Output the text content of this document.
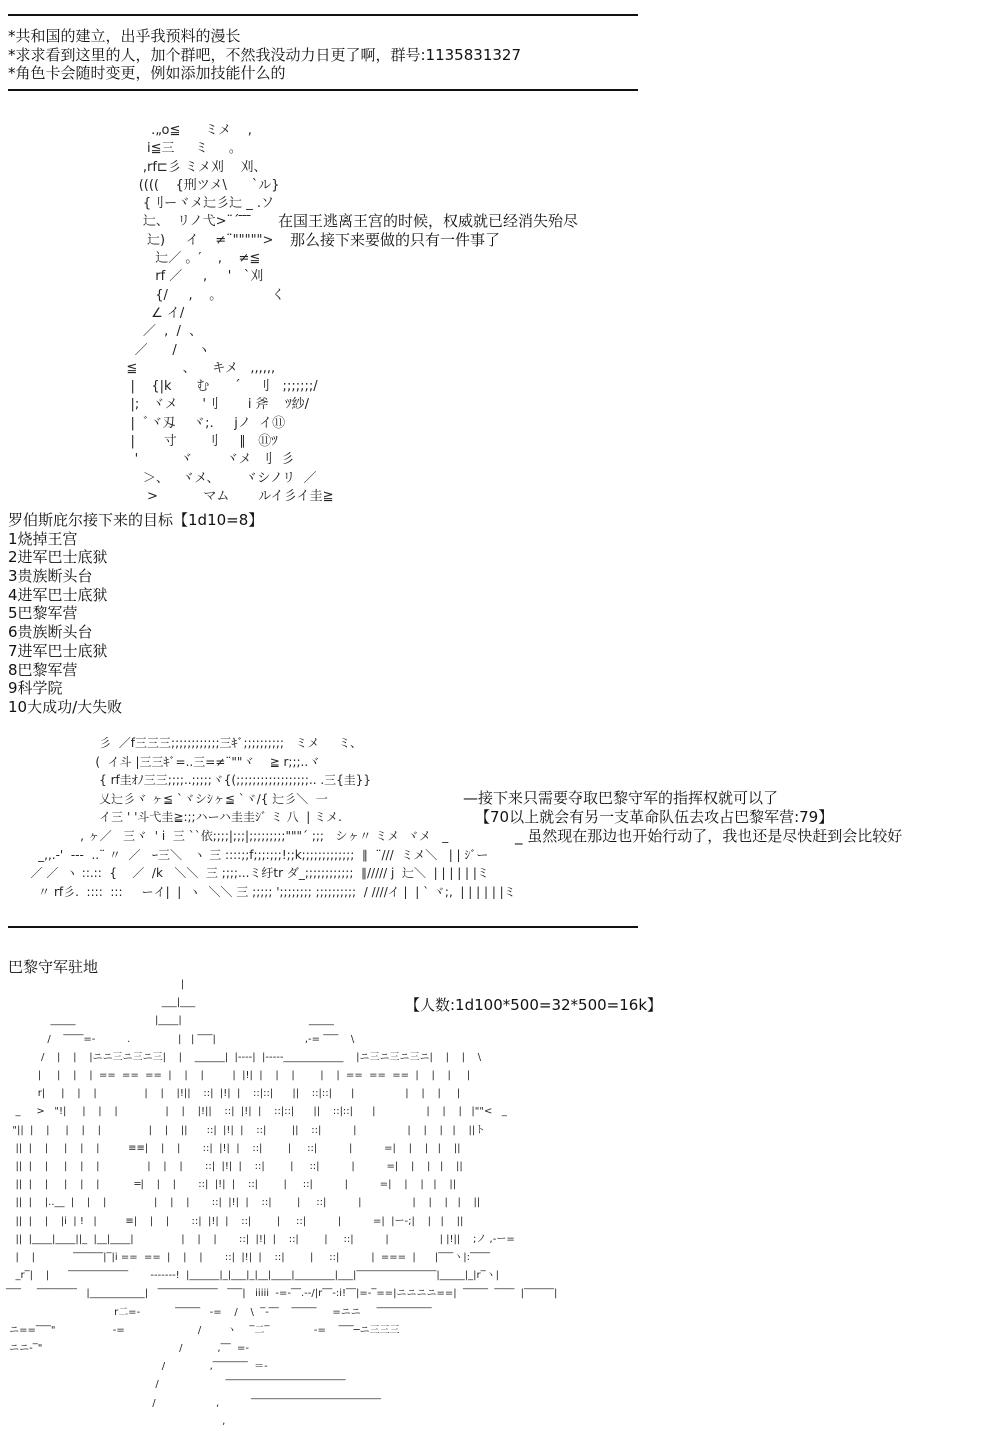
*共和国的建立，出乎我预料的漫长
*求求看到这里的人，加个群吧，不然我没动力日更了啊，群号:1135831327
*角色卡会随时变更，例如添加技能什么的
.„o≦      ミメ    ,
i≦三     ミ     。
,rf⊏彡 ミメ刈    刈、
((((    {刑ツメ\      `ル}
{刂ーヾメ辷彡辷 _ .ソ
辷、  リノ弋>¨´ ̄ ̄ ̄
辷)     イ    ≠¨""""">
辷／ 。′    ,    ≠≦
rf ／     ,     '   `刈
{/     ,    。            く
∠ イ/
／  ,  /  、
／      /     ヽ
≦           、    キメ   ,,,,,,
|    {|k      む      ´    刂   ;;;;;;;/
|;   ヾメ      '刂       i 斧    ﾂ紗/
|  ﾞヾ刄    ヾ;.     jノ  イ⑪
|       寸       刂     ∥   ⑪ﾂ
'          ヾ        ヾメ  刂  彡
＞、   ヾメ、      ヾシノリ  ／
>           マム       ルイ彡イ圭≧
在国王逃离王宫的时候，权威就已经消失殆尽
那么接下来要做的只有一件事了
罗伯斯庇尔接下来的目标【1d10=8】
1烧掉王宫
2进军巴士底狱
3贵族断头台
4进军巴士底狱
5巴黎军营
6贵族断头台
7进军巴士底狱
8巴黎军营
9科学院
10大成功/大失败
彡  ／f三三三;;;;;;;;;;;;三ｷﾞ;;;;;;;;;;   ミメ     ミ、
(  イ斗 |三三ｷﾞ=..三=≠¨""ヾ    ≧ r;;;..ヾ
{ rf圭ｵﾉ三三;;;;..;;;;;ヾ{(;;;;;;;;;;;;;;;;;;.. .三{圭}}
乂辷彡ヾ ヶ≦ `ヾシｼヶ≦ `ヾ/{ 辷彡＼  一
イ三 ' '斗弋圭≧:;;ハーハ圭圭ｼﾞ ミ 八  | ミメ.
, ヶ／   三ヾ  ' i  三 ``依;;;;|;;;|;;;;;;;;;"""´ ;;;   シヶ〃 ミメ  ヾメ   _
_,,.-'  ---  ..¨ 〃  ／   ｰ三＼   ヽ 三 ::::;;f;;;:;;;!;;k;;;;;;;;;;;;;  ∥  ¨///  ミメ＼   | | ｼﾞー
／ ／  ヽ ::.::  {    ／  /k   ＼＼  三 ;;;;...ミ纡tr ダ_;;;;;;;;;;;;  ∥///// j  辷＼  | | | | | |ミ
〃 rf彡.  ::::  :::     ーイ|  |  ヽ  ＼＼ 三 ;;;;; ';;;;;;;; ;;;;;;;;;;  / ////イ |  | ` ヾ;,  | | | | | |ミ
—接下来只需要夺取巴黎守军的指挥权就可以了
【70以上就会有另一支革命队伍去攻占巴黎军营:79】
_ 虽然现在那边也开始行动了，我也还是尽快赶到会比较好
巴黎守军驻地
【人数:1d100*500=32*500=16k】
|
___|___
_____                         |____|                                        _____
/    ‾‾‾‾=-          .               |   | ‾‾‾|                            ,-= ‾‾‾    \
/    |    |    |ニニ三ニ三ニ三|    |    ______|  |----|  |-----____________    |ニ三ニ三ニ三ニ|    |    |    \
|     |    |    |  ==  ==  ==  |    |    |         |  |!|  |    |    |        |    |  ==  ==  ==  |    |    |     |
r|     |    |    |               |    |    |!||    ::|  |!|  |    ::|::|      ||    ::|::|      |                |    |    |     |
_     >   "!|     |    |    |               |    |    |!||    ::|  |!|  |    ::|::|      ||    ::|::|      |                |    |    |   |""<   _
"||  |    |     |    |    |               |    |    ||      ::|  |!|  |    ::|        ||    ::|          |                |    |    |   |    ||ト
||  |    |     |    |    |         ≡≡|    |    |       ::|  |!|  |    ::|        |     ::|          |          =|    |    |   |    ||
||  |    |     |    |    |               |    |    |       ::|  |!|  |    ::|        |     ::|          |          =|    |    |   |    ||
||  |    |     |    |    |           ═|    |    |       ::|  |!|  |    ::|        |     ::|          |          =|    |    |   |    ||
||  |    |..__  |    |    |               |    |    |       ::|  |!|  |    ::|        |     ::|          |                |    |    |   |    ||
||  |    |    |i  | !   |         ≡|    |    |       ::|  |!|  |    ::|        |     ::|          |          =|  |ー-;|    |   |    ||
||  |____|____||_  |__|____|               |    |    |       ::|  |!|  |    ::|        |     ::|          |                | |!||    ;ノ ,-ー=
|    |            ‾‾‾‾‾‾|‾|i ==  ==  |    |    |       ::|  |!|  |    ::|        |     ::|          |  ===  |      |‾‾‾ヽ|:‾‾‾‾
_r‾|    |      ‾‾‾‾‾‾‾‾‾‾‾‾       -------!  |______|_|___|_|__|____|________|___|‾‾‾‾‾‾‾‾‾‾‾‾‾‾‾‾|_____|_|r‾ヽ|
‾‾‾     ‾‾‾‾‾‾‾‾   |___________|   ‾‾‾‾‾‾‾‾‾‾‾‾   ‾‾‾|   iiiii  -=-‾‾.--/|r‾‾-:i!‾‾|=-‾==|ニニニニ==|  ‾‾‾‾‾  ‾‾‾‾  |‾‾‾‾‾‾|
r二=-           ‾‾‾‾‾   -=    /    \  ‾-‾‾    ‾‾‾‾‾     =ニニ     ‾‾‾‾‾‾‾‾‾‾‾
ニ==‾‾‾"                  -=                       /        ヽ    ‾二‾              -=    ‾‾‾─ニ三三三
ニニ-‾"                                           /           ,‾‾  =-
/              ,‾‾‾‾‾‾‾  ＝-
/                     ‾‾‾‾‾‾‾‾‾‾‾‾‾‾‾‾‾‾‾‾‾‾‾‾
/                   ,          ‾‾‾‾‾‾‾‾‾‾‾‾‾‾‾‾‾‾‾‾‾‾‾‾‾‾
,
